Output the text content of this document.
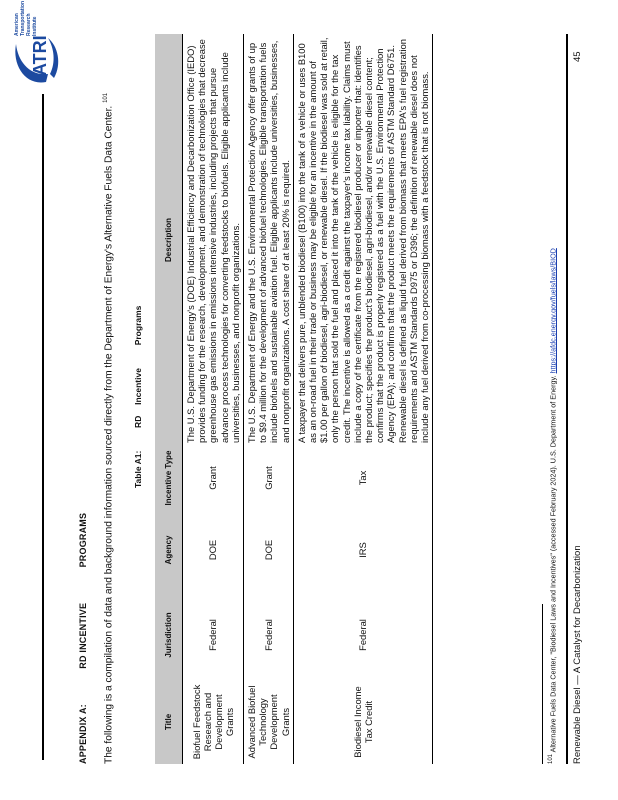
ATRI
American Transportation Research Institute
APPENDIX A:  RD INCENTIVE  PROGRAMS	The following is a compilation of data and background information sourced directly from the Department of Energy's Alternative Fuels Data Center. $^{101}$
Table A1:  RD  Incentive  Programs
Title	Jurisdiction	Agency	Incentive Type	Description
Biofuel Feedstock Research and Development Grants	Federal	DOE	Grant	The U.S. Department of Energy's (DOE) Industrial Efficiency and Decarbonization Office (IEDO) provides funding for the research, development, and demonstration of technologies that decrease greenhouse gas emissions in emissions intensive industries, including projects that pursue advance process technologies for converting feedstocks to biofuels. Eligible applicants include universities, businesses, and nonprofit organizations.
Advanced Biofuel Technology Development Grants	Federal	DOE	Grant	The U.S. Department of Energy and the U.S. Environmental Protection Agency offer grants of up to $9.4 million for the development of advanced biofuel technologies. Eligible transportation fuels include biofuels and sustainable aviation fuel. Eligible applicants include universities, businesses, and nonprofit organizations. A cost share of at least 20% is required.
Biodiesel Income Tax Credit	Federal	IRS	Tax	A taxpayer that delivers pure, unblended biodiesel (B100) into the tank of a vehicle or uses B100 as an on-road fuel in their trade or business may be eligible for an incentive in the amount of $1.00 per gallon of biodiesel, agri-biodiesel, or renewable diesel. If the biodiesel was sold at retail, only the person that sold the fuel and placed it into the tank of the vehicle is eligible for the tax credit. The incentive is allowed as a credit against the taxpayer's income tax liability. Claims must include a copy of the certificate from the registered biodiesel producer or importer that: identifies the product; specifies the product's biodiesel, agri-biodiesel, and/or renewable diesel content; confirms that the product is properly registered as a fuel with the U.S. Environmental Protection Agency (EPA); and confirms that the product meets the requirements of ASTM Standard D6751. Renewable diesel is defined as liquid fuel derived from biomass that meets EPA's fuel registration requirements and ASTM Standards D975 or D396; the definition of renewable diesel does not include any fuel derived from co-processing biomass with a feedstock that is not biomass.
$^{101}$ Alternative Fuels Data Center, "Biodiesel Laws and Incentives" (accessed February 2024). U.S. Department of Energy. https://afdc.energy.gov/fuels/laws/BIOD
Renewable Diesel — A Catalyst for Decarbonization
45
